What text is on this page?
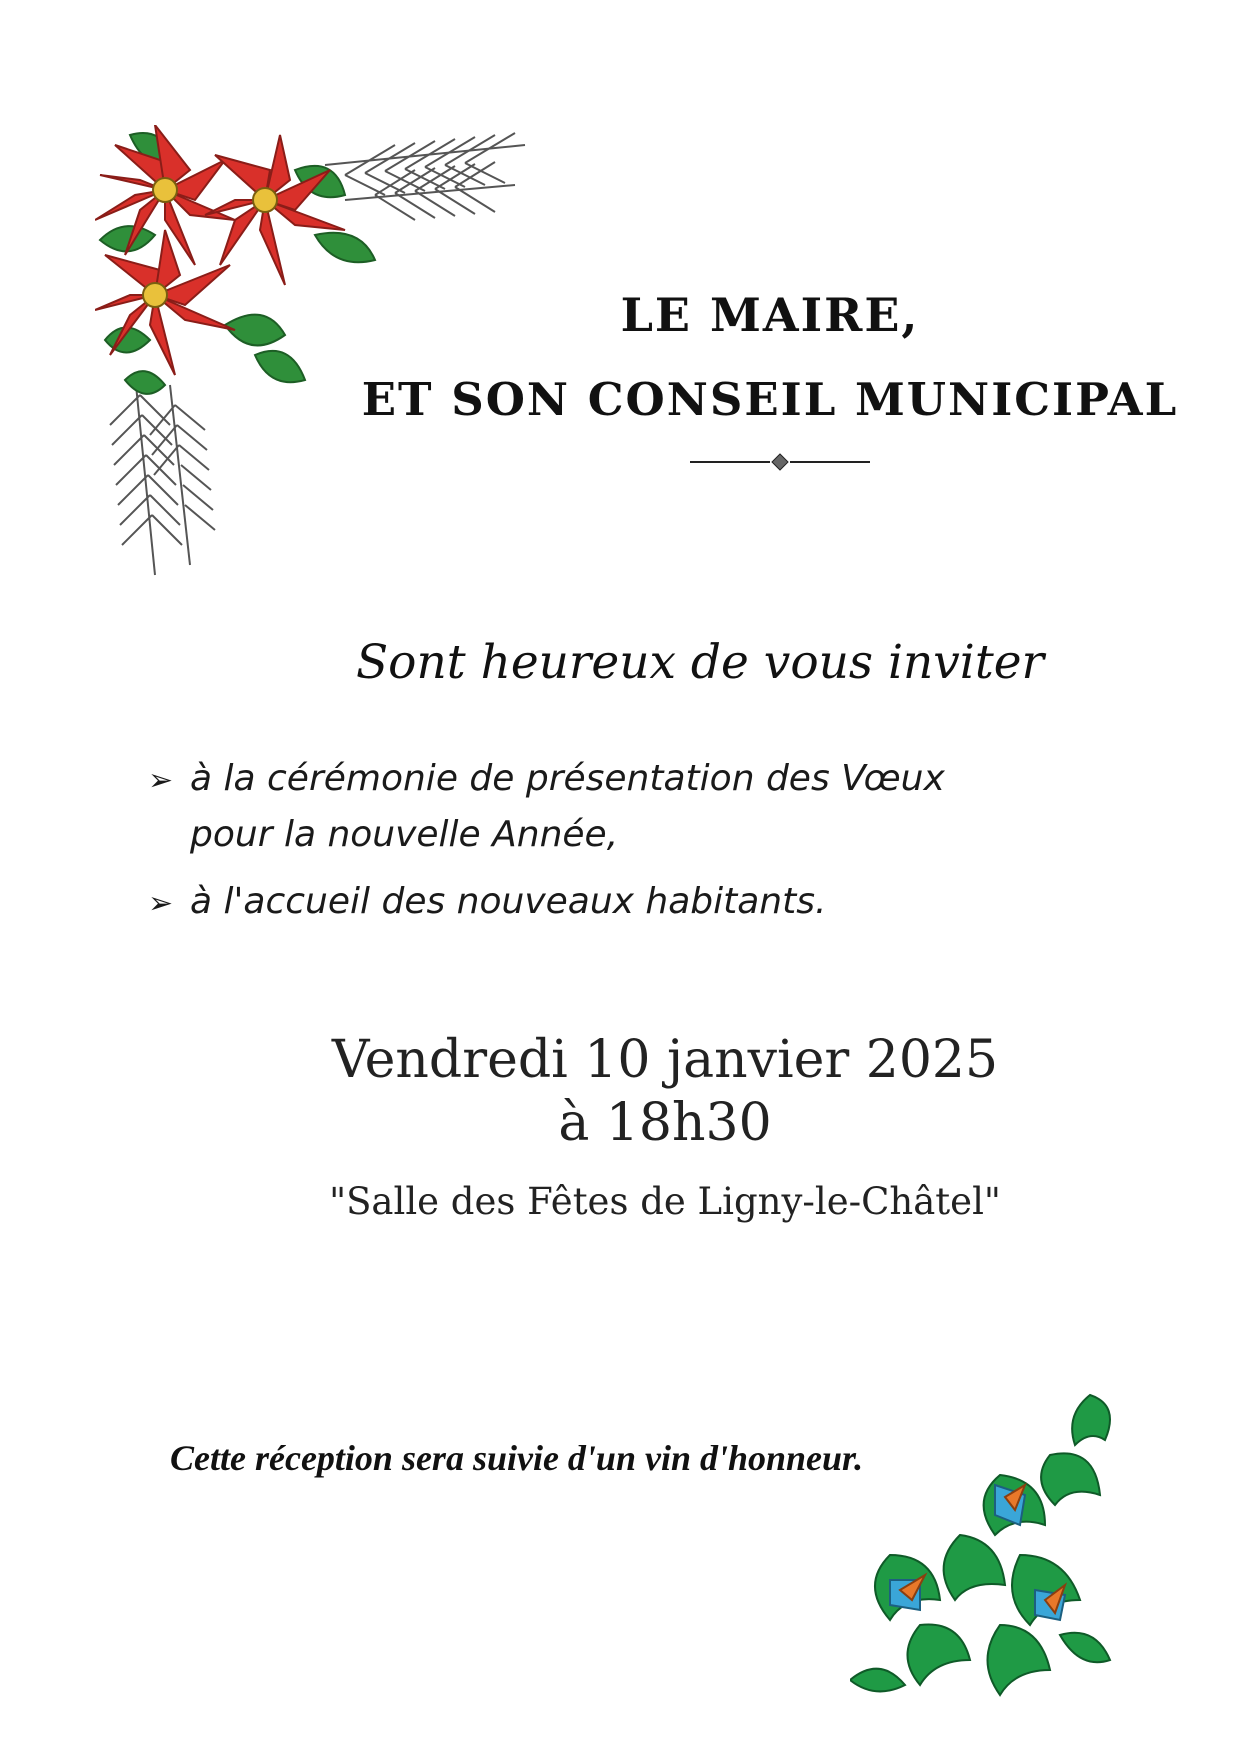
LE MAIRE,
ET SON CONSEIL MUNICIPAL
Sont heureux de vous inviter
➢ à la cérémonie de présentation des Vœux
pour la nouvelle Année,
➢ à l'accueil des nouveaux habitants.
Vendredi 10 janvier 2025
à 18h30
"Salle des Fêtes de Ligny-le-Châtel"
Cette réception sera suivie d'un vin d'honneur.
